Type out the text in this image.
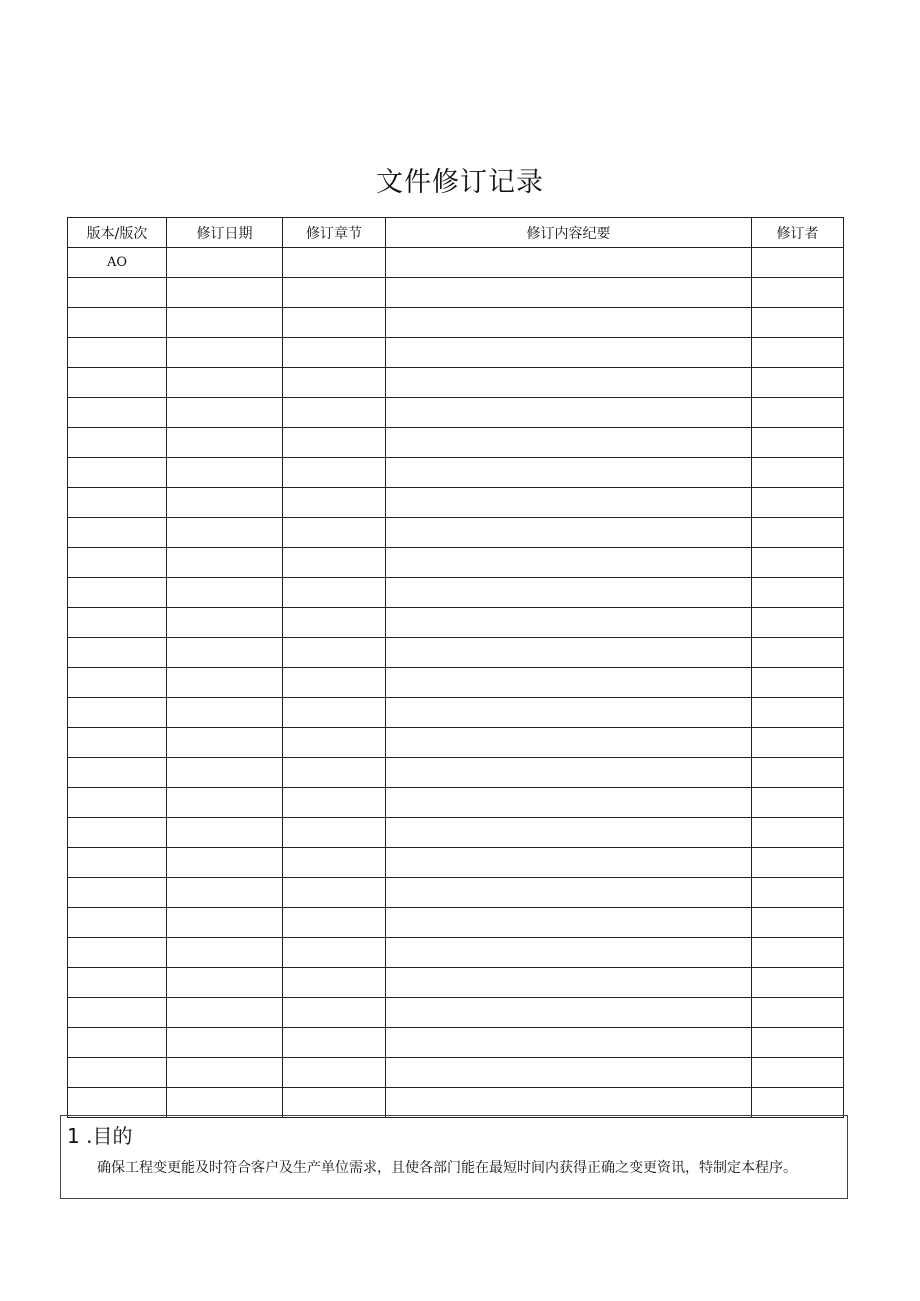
文件修订记录
版本/版次	修订日期	修订章节	修订内容纪要	修订者
AO				

1 .目的

确保工程变更能及时符合客户及生产单位需求，且使各部门能在最短时间内获得正确之变更资讯，特制定本程序。
